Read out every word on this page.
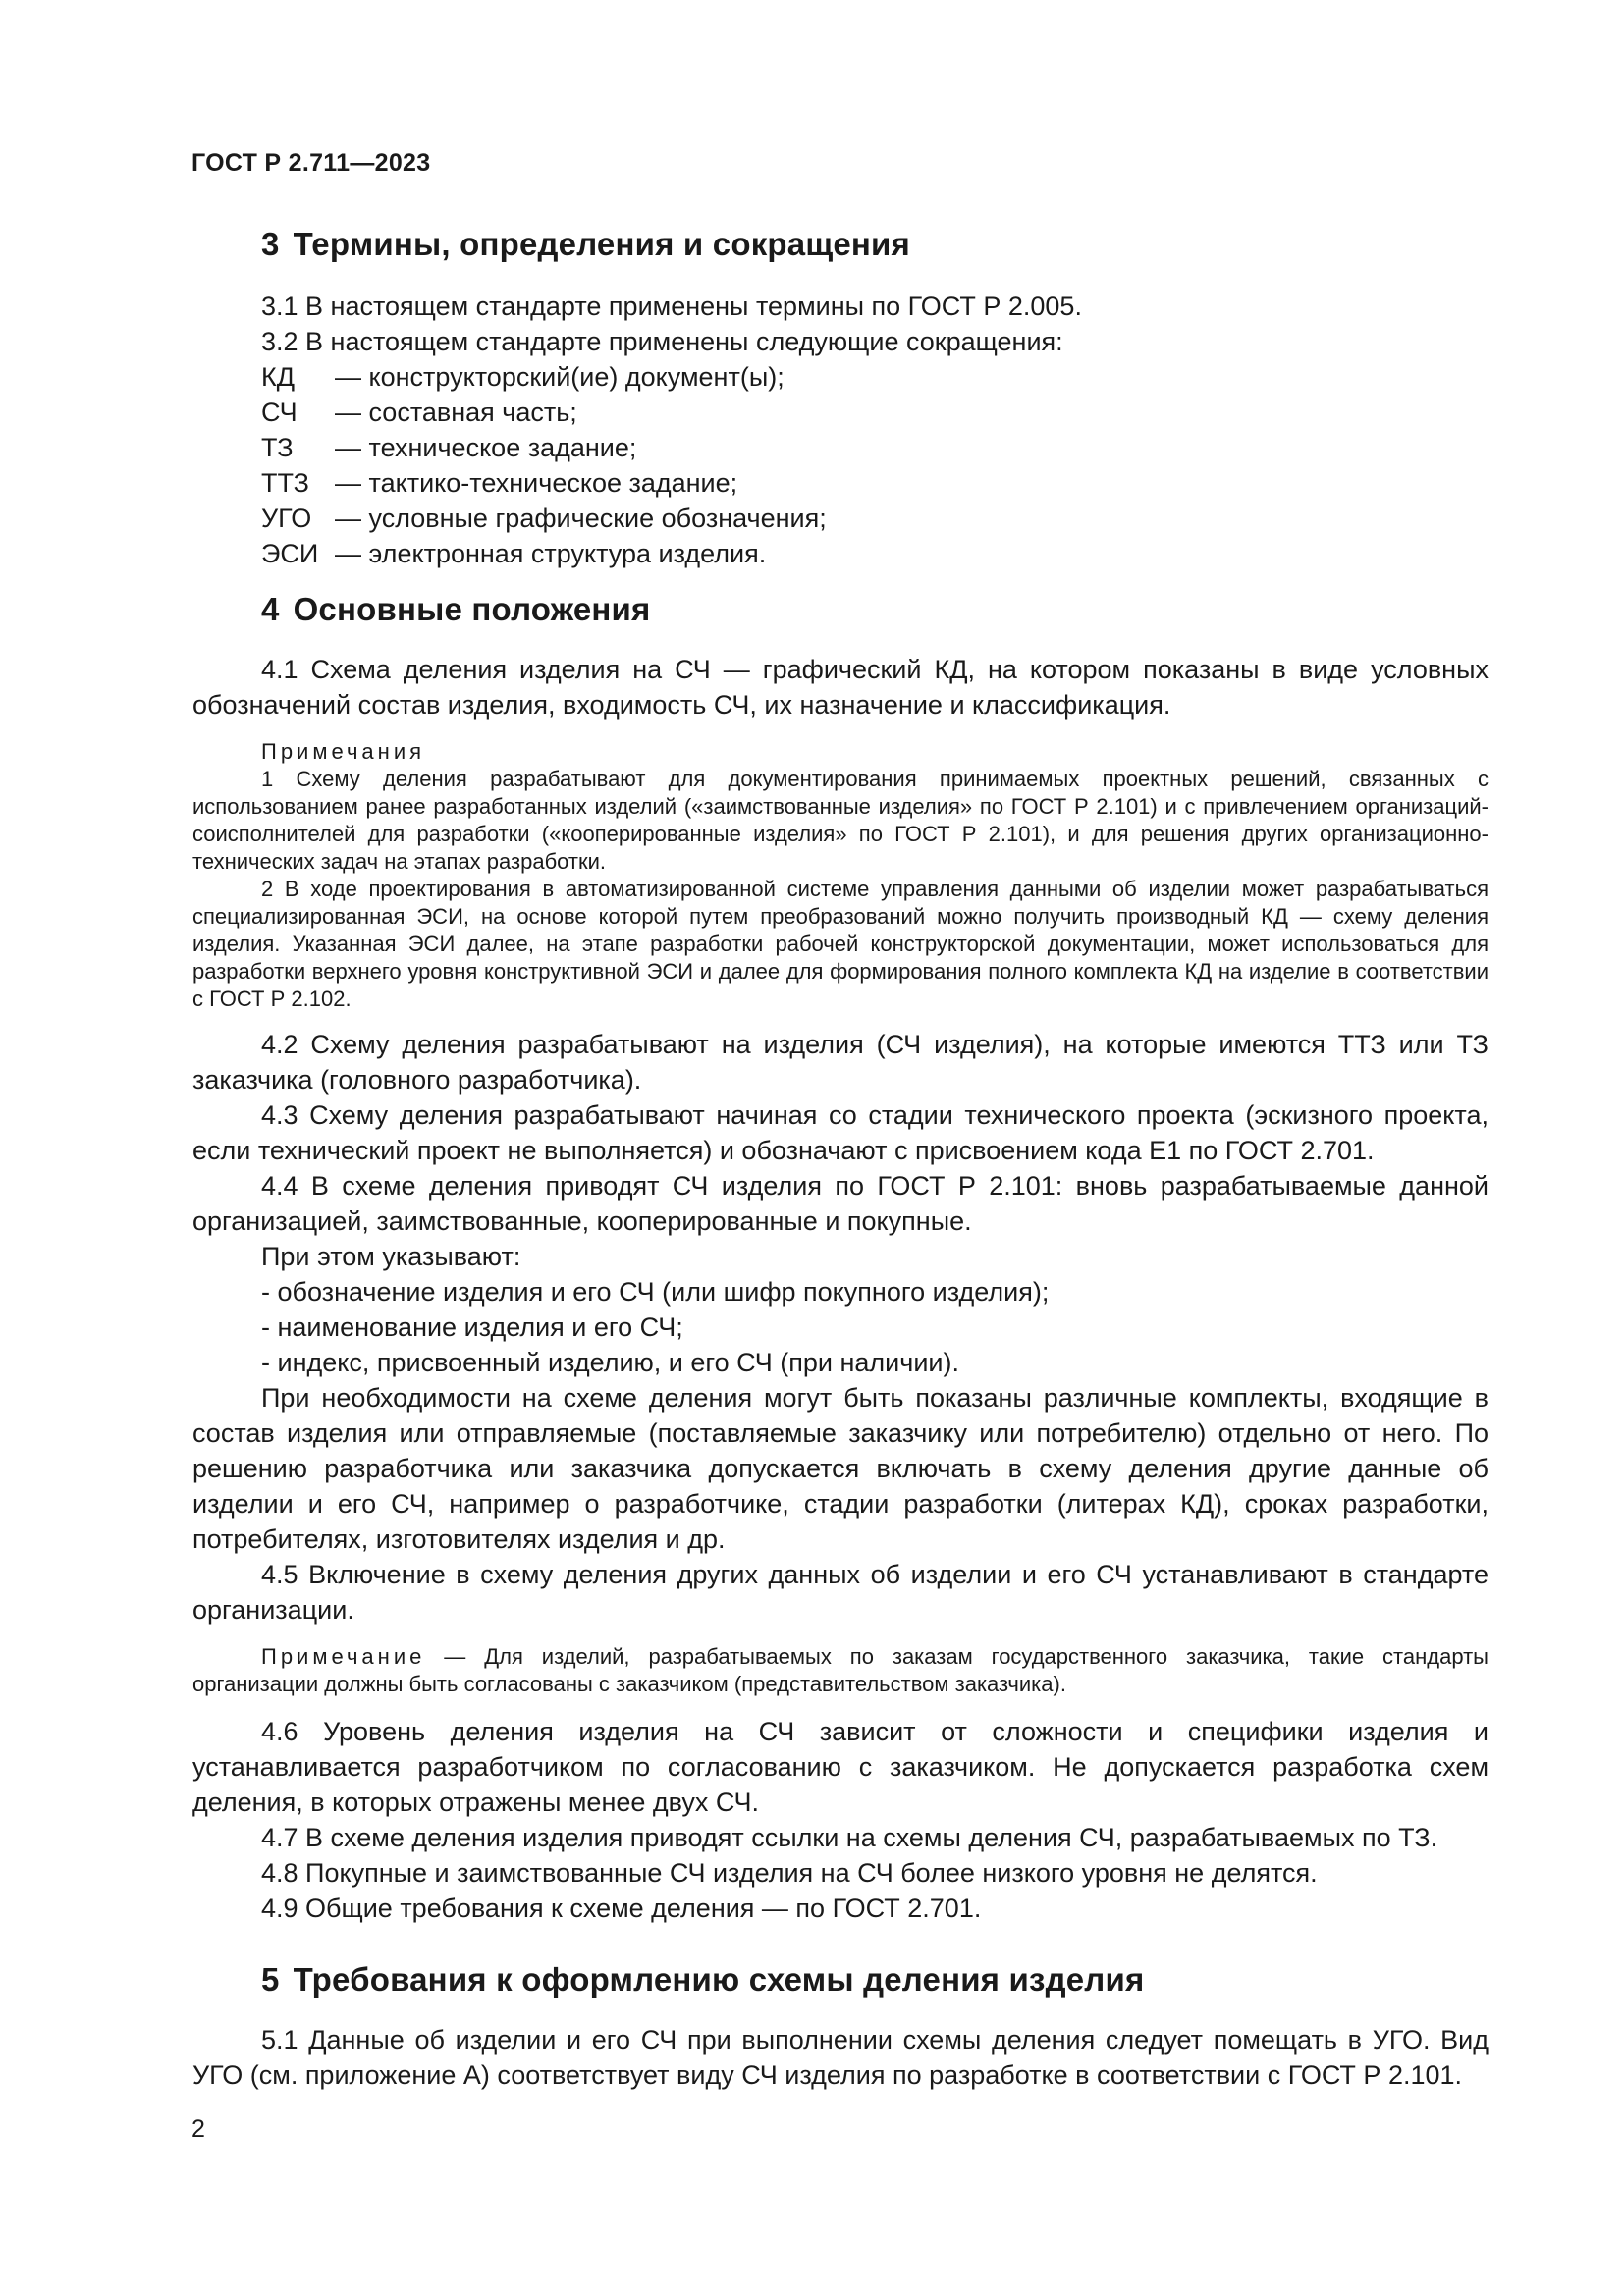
ГОСТ Р 2.711—2023
3 Термины, определения и сокращения

3.1 В настоящем стандарте применены термины по ГОСТ Р 2.005.

3.2 В настоящем стандарте применены следующие сокращения:

КД	— конструкторский(ие) документ(ы);
СЧ	— составная часть;
ТЗ	— техническое задание;
ТТЗ — тактико-техническое задание;
УГО — условные графические обозначения;
ЭСИ — электронная структура изделия.
4 Основные положения

4.1 Схема деления изделия на СЧ — графический КД, на котором показаны в виде условных обозначений состав изделия, входимость СЧ, их назначение и классификация.

Примечания

1 Схему деления разрабатывают для документирования принимаемых проектных решений, связанных с использованием ранее разработанных изделий («заимствованные изделия» по ГОСТ Р 2.101) и с привлечением организаций-соисполнителей для разработки («кооперированные изделия» по ГОСТ Р 2.101), и для решения других организационно-технических задач на этапах разработки.

2 В ходе проектирования в автоматизированной системе управления данными об изделии может разрабатываться специализированная ЭСИ, на основе которой путем преобразований можно получить производный КД — схему деления изделия. Указанная ЭСИ далее, на этапе разработки рабочей конструкторской документации, может использоваться для разработки верхнего уровня конструктивной ЭСИ и далее для формирования полного комплекта КД на изделие в соответствии с ГОСТ Р 2.102.

4.2 Схему деления разрабатывают на изделия (СЧ изделия), на которые имеются ТТЗ или ТЗ заказчика (головного разработчика).

4.3 Схему деления разрабатывают начиная со стадии технического проекта (эскизного проекта, если технический проект не выполняется) и обозначают с присвоением кода Е1 по ГОСТ 2.701.

4.4 В схеме деления приводят СЧ изделия по ГОСТ Р 2.101: вновь разрабатываемые данной организацией, заимствованные, кооперированные и покупные.

При этом указывают:

- обозначение изделия и его СЧ (или шифр покупного изделия);

- наименование изделия и его СЧ;

- индекс, присвоенный изделию, и его СЧ (при наличии).

При необходимости на схеме деления могут быть показаны различные комплекты, входящие в состав изделия или отправляемые (поставляемые заказчику или потребителю) отдельно от него. По решению разработчика или заказчика допускается включать в схему деления другие данные об изделии и его СЧ, например о разработчике, стадии разработки (литерах КД), сроках разработки, потребителях, изготовителях изделия и др.

4.5 Включение в схему деления других данных об изделии и его СЧ устанавливают в стандарте организации.

Примечание — Для изделий, разрабатываемых по заказам государственного заказчика, такие стандарты организации должны быть согласованы с заказчиком (представительством заказчика).

4.6 Уровень деления изделия на СЧ зависит от сложности и специфики изделия и устанавливается разработчиком по согласованию с заказчиком. Не допускается разработка схем деления, в которых отражены менее двух СЧ.

4.7 В схеме деления изделия приводят ссылки на схемы деления СЧ, разрабатываемых по ТЗ.

4.8 Покупные и заимствованные СЧ изделия на СЧ более низкого уровня не делятся.

4.9 Общие требования к схеме деления — по ГОСТ 2.701.

5 Требования к оформлению схемы деления изделия

5.1 Данные об изделии и его СЧ при выполнении схемы деления следует помещать в УГО. Вид УГО (см. приложение А) соответствует виду СЧ изделия по разработке в соответствии с ГОСТ Р 2.101.

2
